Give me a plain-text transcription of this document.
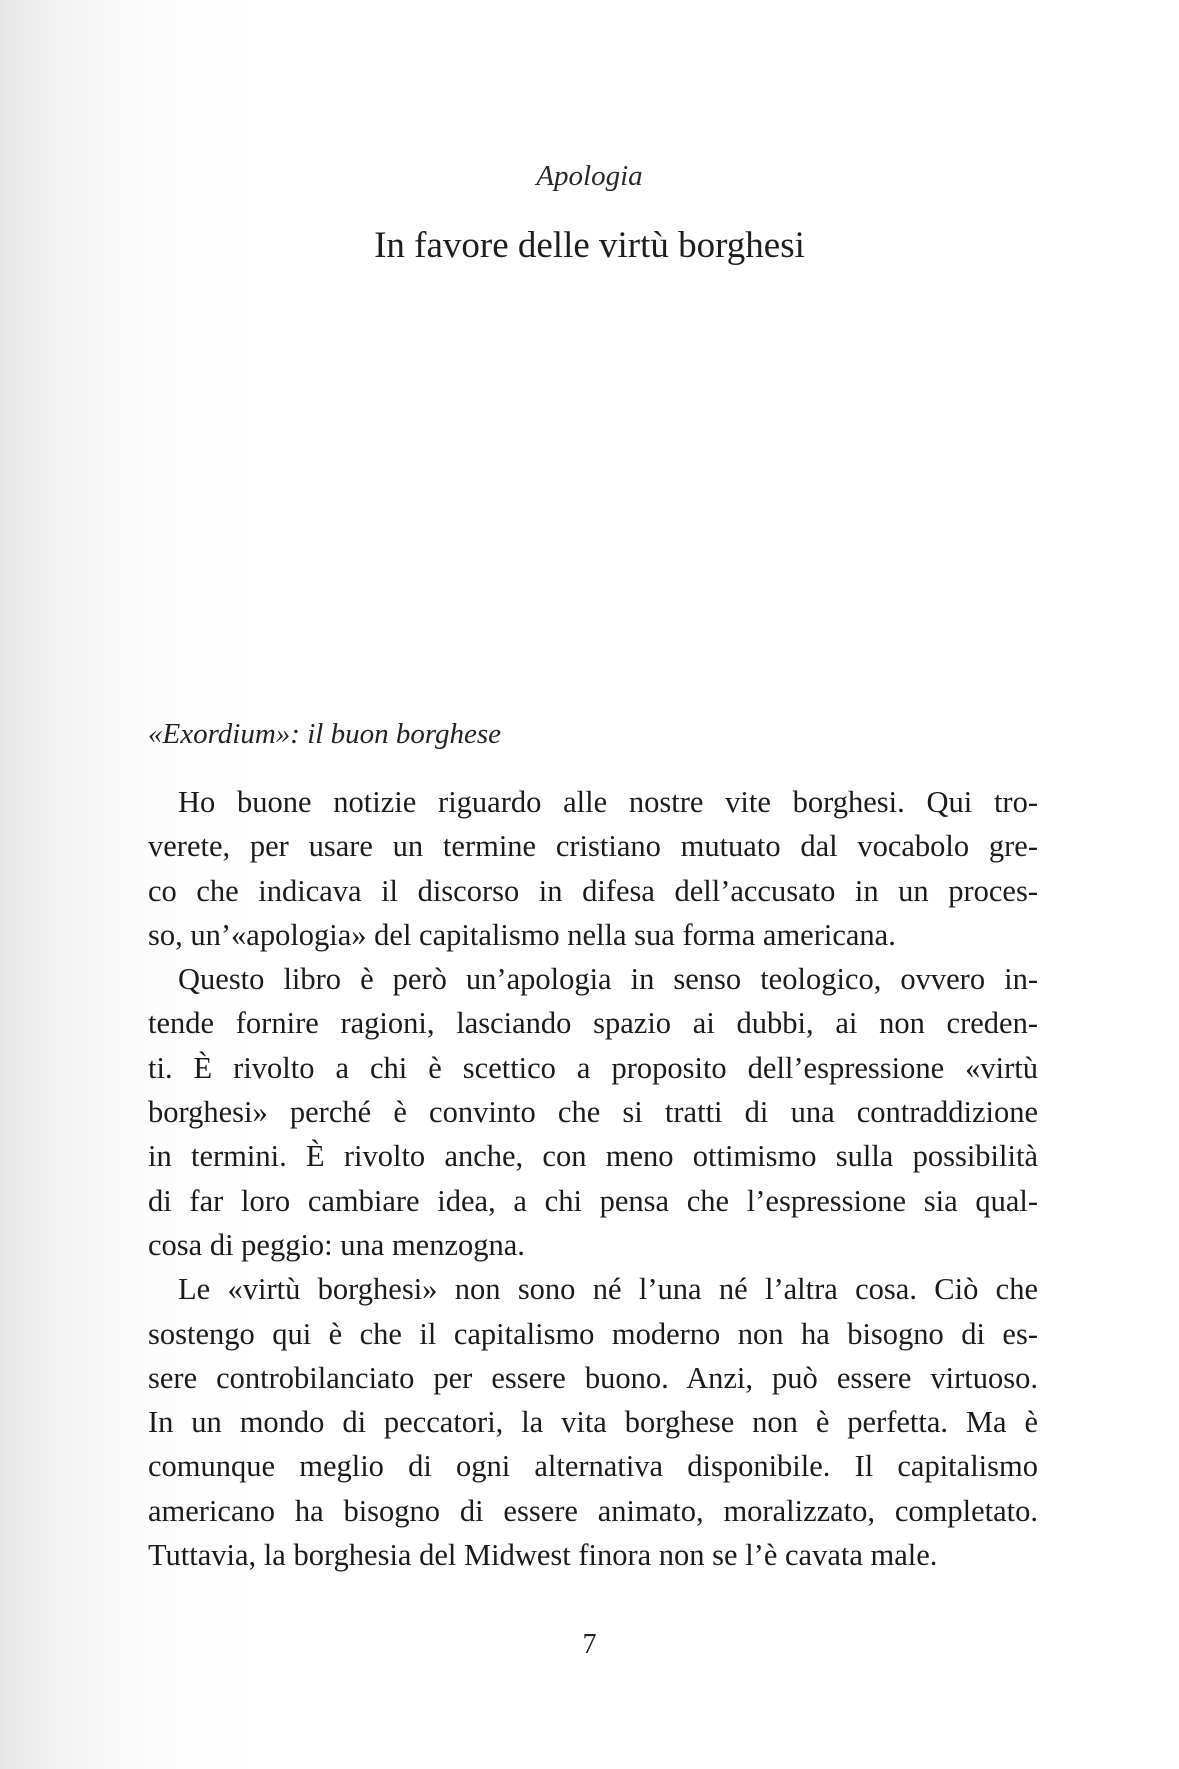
Apologia
In favore delle virtù borghesi
«Exordium»: il buon borghese

Ho buone notizie riguardo alle nostre vite borghesi. Qui tro-
verete, per usare un termine cristiano mutuato dal vocabolo gre-
co che indicava il discorso in difesa dell’accusato in un proces-
so, un’«apologia» del capitalismo nella sua forma americana.

Questo libro è però un’apologia in senso teologico, ovvero in-
tende fornire ragioni, lasciando spazio ai dubbi, ai non creden-
ti. È rivolto a chi è scettico a proposito dell’espressione «virtù
borghesi» perché è convinto che si tratti di una contraddizione
in termini. È rivolto anche, con meno ottimismo sulla possibilità
di far loro cambiare idea, a chi pensa che l’espressione sia qual-
cosa di peggio: una menzogna.

Le «virtù borghesi» non sono né l’una né l’altra cosa. Ciò che
sostengo qui è che il capitalismo moderno non ha bisogno di es-
sere controbilanciato per essere buono. Anzi, può essere virtuoso.
In un mondo di peccatori, la vita borghese non è perfetta. Ma è
comunque meglio di ogni alternativa disponibile. Il capitalismo
americano ha bisogno di essere animato, moralizzato, completato.
Tuttavia, la borghesia del Midwest finora non se l’è cavata male.

7
